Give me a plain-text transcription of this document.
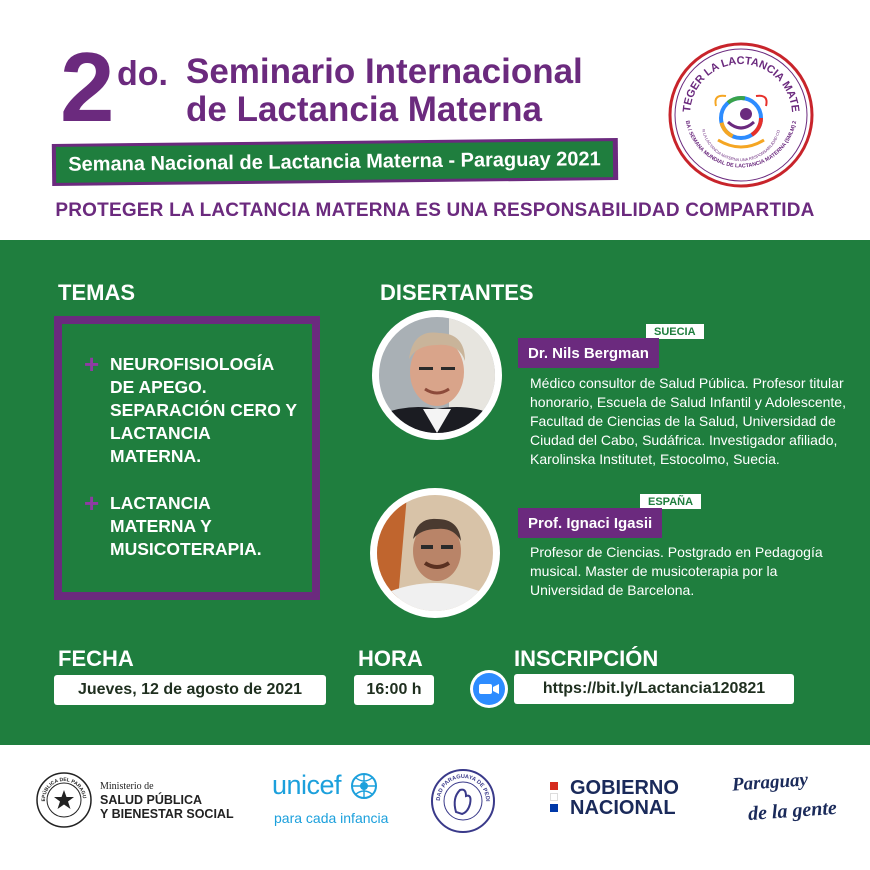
2 do. Seminario Internacional
de Lactancia Materna
Semana Nacional de Lactancia Materna - Paraguay 2021
PROTEGER LA LACTANCIA MATERNA ES UNA RESPONSABILIDAD COMPARTIDA
TEGER LA LACTANCIA MATE
BA / SEMANA MUNDIAL DE LACTANCIA MATERNA (SMLM) 2
R LA LACTANCIA MATERNA UNA RESPONSABILIDAD CO
TEMAS	DISERTANTES
+ NEUROFISIOLOGÍA DE APEGO. SEPARACIÓN CERO Y LACTANCIA MATERNA.
+ LACTANCIA MATERNA Y MUSICOTERAPIA.
SUECIA
Dr. Nils Bergman
Médico consultor de Salud Pública. Profesor titular honorario, Escuela de Salud Infantil y Adolescente, Facultad de Ciencias de la Salud, Universidad de Ciudad del Cabo, Sudáfrica. Investigador afiliado, Karolinska Institutet, Estocolmo, Suecia.
ESPAÑA
Prof. Ignaci Igasii
Profesor de Ciencias. Postgrado en Pedagogía musical. Master de musicoterapia por la Universidad de Barcelona.
FECHA
Jueves, 12 de agosto de 2021
HORA
16:00 h
INSCRIPCIÓN
https://bit.ly/Lactancia120821
EPÚBLICA DEL PARAGU
Ministerio de
SALUD PÚBLICA
Y BIENESTAR SOCIAL
unicef
para cada infancia
DAD PARAGUAYA DE PEDI
GOBIERNO
NACIONAL
Paraguay
de la gente
